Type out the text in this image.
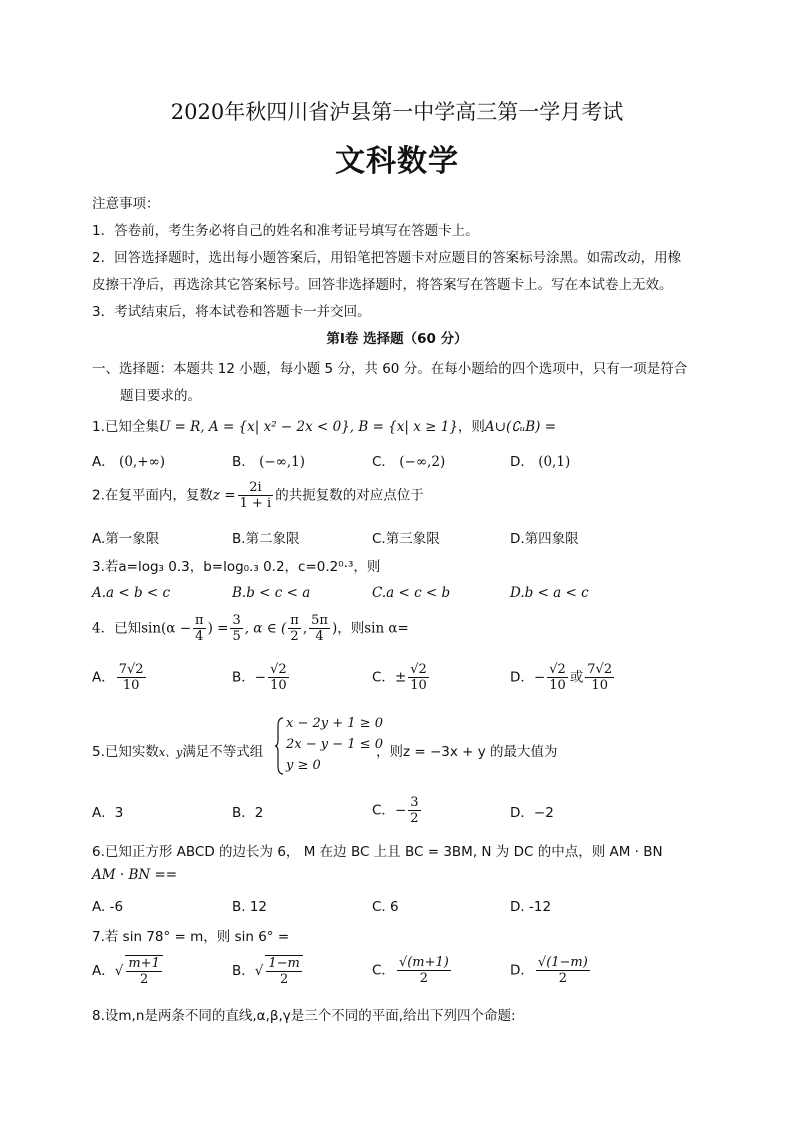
2020年秋四川省泸县第一中学高三第一学月考试
文科数学
注意事项：
1．答卷前，考生务必将自己的姓名和准考证号填写在答题卡上。
2．回答选择题时，选出每小题答案后，用铅笔把答题卡对应题目的答案标号涂黑。如需改动，用橡
皮擦干净后，再选涂其它答案标号。回答非选择题时，将答案写在答题卡上。写在本试卷上无效。
3．考试结束后，将本试卷和答题卡一并交回。
第Ⅰ卷 选择题（60 分）
一、选择题：本题共 12 小题，每小题 5 分，共 60 分。在每小题给的四个选项中，只有一项是符合
题目要求的。
1.已知全集U = R, A = {x| x² − 2x < 0}, B = {x| x ≥ 1}，则A∪(∁ᵤB) =
A． (0,+∞)	B． (−∞,1)	C． (−∞,2)	D． (0,1)
2.在复平面内，复数$z = \frac{2i}{1 + i}$ 的共扼复数的对应点位于
A.第一象限	B.第二象限	C.第三象限	D.第四象限
3.若a=log₃ 0.3，b=log₀.₃ 0.2，c=0.2⁰·³，则
A.a < b < c	B.b < c < a	C.a < c < b	D.b < a < c
4．已知$\sin(\alpha - \frac{\pi}{4}$ ) = $\frac{3}{5}$ , α ∈ ( $\frac{\pi}{2}$ , $\frac{5\pi}{4}$ )，则sin α=
A． $\frac{7√2}{10}$	B．− $\frac{√2}{10}$	C．± $\frac{√2}{10}$	D．− $\frac{√2}{10}$ 或 $\frac{7√2}{10}$
5.已知实数x、y满足不等式组
x − 2y + 1 ≥ 0
2x − y − 1 ≤ 0
y ≥ 0
，则z = −3x + y 的最大值为
A．3	B．2	C．− $\frac{3}{2}$	D．−2
6.已知正方形 ABCD 的边长为 6， M 在边 BC 上且 BC = 3BM, N 为 DC 的中点，则 AM · BN
AM · BN ==
A. -6	B. 12	C. 6	D. -12
7.若 sin 78° = m，则 sin 6° =
A．√ $\frac{m+1}{2}$	B．√ $\frac{1-m}{2}$	C． $\frac{√(m+1)}{2}$	D． $\frac{√(1-m)}{2}$
8.设m,n是两条不同的直线,α,β,γ是三个不同的平面,给出下列四个命题:
